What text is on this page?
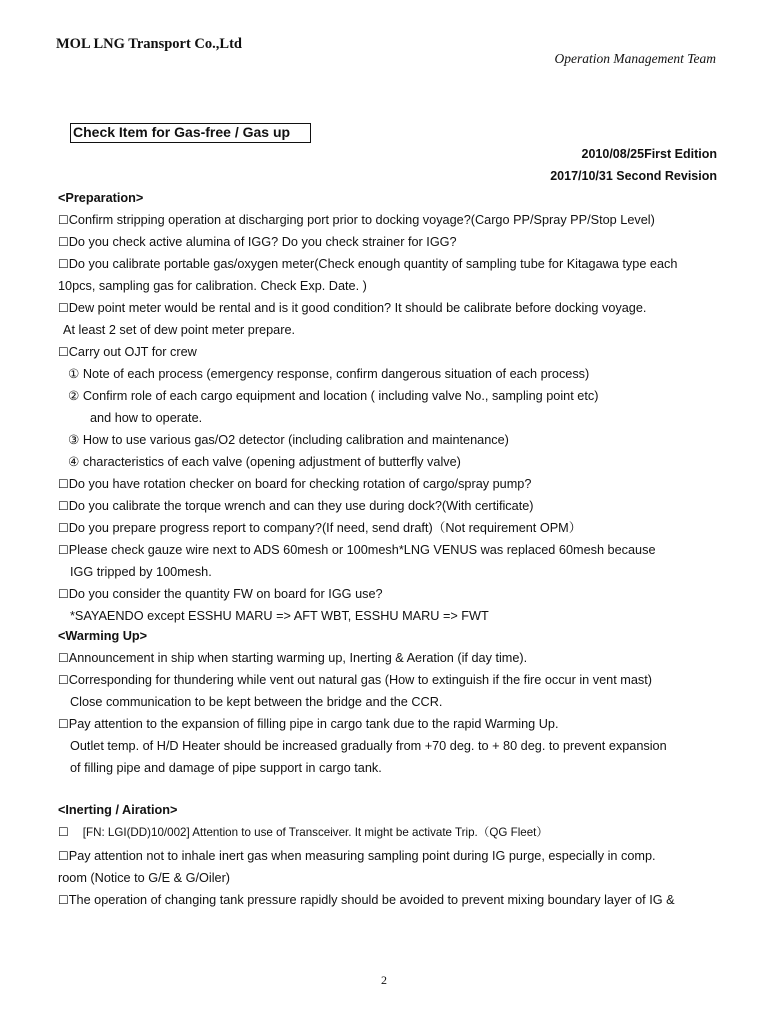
MOL LNG Transport Co.,Ltd
Operation Management Team
Check Item for Gas-free / Gas up
2010/08/25First Edition
2017/10/31 Second Revision
<Preparation>
☐Confirm stripping operation at discharging port prior to docking voyage?(Cargo PP/Spray PP/Stop Level)
☐Do you check active alumina of IGG? Do you check strainer for IGG?
☐Do you calibrate portable gas/oxygen meter(Check enough quantity of sampling tube for Kitagawa type each
10pcs, sampling gas for calibration. Check Exp. Date. )
☐Dew point meter would be rental and is it good condition? It should be calibrate before docking voyage.
At least 2 set of dew point meter prepare.
☐Carry out OJT for crew
① Note of each process (emergency response, confirm dangerous situation of each process)
② Confirm role of each cargo equipment and location ( including valve No., sampling point etc)
and how to operate.
③ How to use various gas/O2 detector (including calibration and maintenance)
④ characteristics of each valve (opening adjustment of butterfly valve)
☐Do you have rotation checker on board for checking rotation of cargo/spray pump?
☐Do you calibrate the torque wrench and can they use during dock?(With certificate)
☐Do you prepare progress report to company?(If need, send draft)（Not requirement OPM）
☐Please check gauze wire next to ADS 60mesh or 100mesh*LNG VENUS was replaced 60mesh because
IGG tripped by 100mesh.
☐Do you consider the quantity FW on board for IGG use?
*SAYAENDO except ESSHU MARU => AFT WBT, ESSHU MARU => FWT
<Warming Up>
☐Announcement in ship when starting warming up, Inerting & Aeration (if day time).
☐Corresponding for thundering while vent out natural gas (How to extinguish if the fire occur in vent mast)
Close communication to be kept between the bridge and the CCR.
☐Pay attention to the expansion of filling pipe in cargo tank due to the rapid Warming Up.
Outlet temp. of H/D Heater should be increased gradually from +70 deg. to + 80 deg. to prevent expansion
of filling pipe and damage of pipe support in cargo tank.
<Inerting / Airation>
☐ [FN: LGI(DD)10/002] Attention to use of Transceiver. It might be activate Trip.（QG Fleet）
☐Pay attention not to inhale inert gas when measuring sampling point during IG purge, especially in comp.
room (Notice to G/E & G/Oiler)
☐The operation of changing tank pressure rapidly should be avoided to prevent mixing boundary layer of IG &
2
